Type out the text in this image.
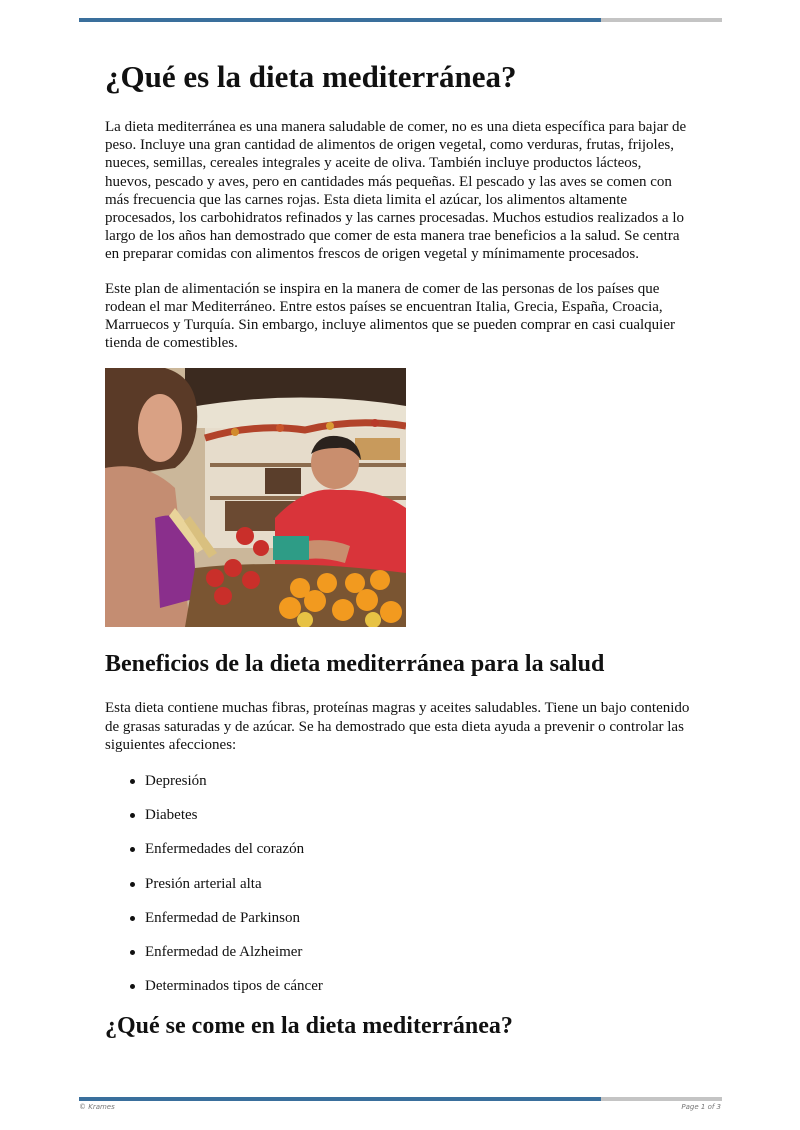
¿Qué es la dieta mediterránea?

La dieta mediterránea es una manera saludable de comer, no es una dieta específica para bajar de peso. Incluye una gran cantidad de alimentos de origen vegetal, como verduras, frutas, frijoles, nueces, semillas, cereales integrales y aceite de oliva. También incluye productos lácteos, huevos, pescado y aves, pero en cantidades más pequeñas. El pescado y las aves se comen con más frecuencia que las carnes rojas. Esta dieta limita el azúcar, los alimentos altamente procesados, los carbohidratos refinados y las carnes procesadas. Muchos estudios realizados a lo largo de los años han demostrado que comer de esta manera trae beneficios a la salud. Se centra en preparar comidas con alimentos frescos de origen vegetal y mínimamente procesados.

Este plan de alimentación se inspira en la manera de comer de las personas de los países que rodean el mar Mediterráneo. Entre estos países se encuentran Italia, Grecia, España, Croacia, Marruecos y Turquía. Sin embargo, incluye alimentos que se pueden comprar en casi cualquier tienda de comestibles.

Beneficios de la dieta mediterránea para la salud

Esta dieta contiene muchas fibras, proteínas magras y aceites saludables. Tiene un bajo contenido de grasas saturadas y de azúcar. Se ha demostrado que esta dieta ayuda a prevenir o controlar las siguientes afecciones:

Depresión
Diabetes
Enfermedades del corazón
Presión arterial alta
Enfermedad de Parkinson
Enfermedad de Alzheimer
Determinados tipos de cáncer
¿Qué se come en la dieta mediterránea?
© Krames	Page 1 of 3
